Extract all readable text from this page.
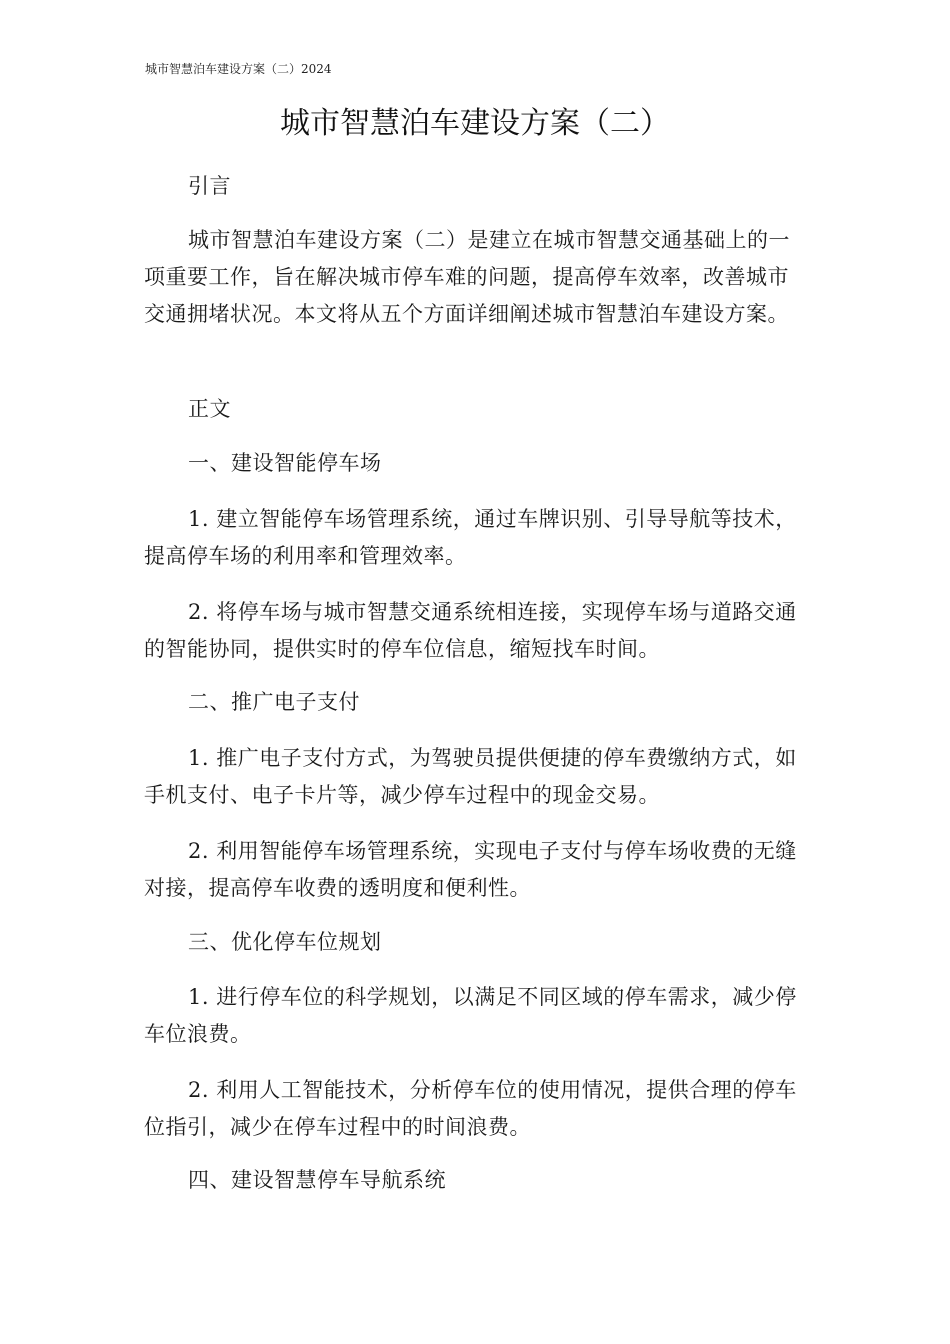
城市智慧泊车建设方案（二）2024
城市智慧泊车建设方案（二）

引言

城市智慧泊车建设方案（二）是建立在城市智慧交通基础上的一项重要工作，旨在解决城市停车难的问题，提高停车效率，改善城市交通拥堵状况。本文将从五个方面详细阐述城市智慧泊车建设方案。

正文

一、建设智能停车场

1. 建立智能停车场管理系统，通过车牌识别、引导导航等技术，提高停车场的利用率和管理效率。

2. 将停车场与城市智慧交通系统相连接，实现停车场与道路交通的智能协同，提供实时的停车位信息，缩短找车时间。

二、推广电子支付

1. 推广电子支付方式，为驾驶员提供便捷的停车费缴纳方式，如手机支付、电子卡片等，减少停车过程中的现金交易。

2. 利用智能停车场管理系统，实现电子支付与停车场收费的无缝对接，提高停车收费的透明度和便利性。

三、优化停车位规划

1. 进行停车位的科学规划，以满足不同区域的停车需求，减少停车位浪费。

2. 利用人工智能技术，分析停车位的使用情况，提供合理的停车位指引，减少在停车过程中的时间浪费。

四、建设智慧停车导航系统
